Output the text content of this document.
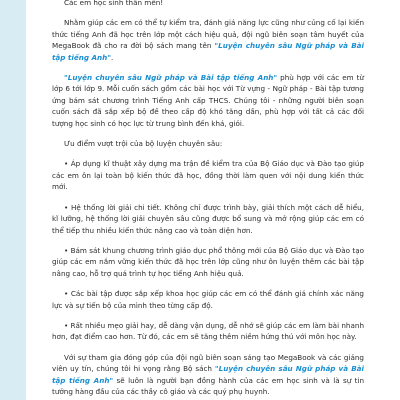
Các em học sinh thân mến!

Nhằm giúp các em có thể tự kiểm tra, đánh giá năng lực cũng như củng cố lại kiến thức tiếng Anh đã học trên lớp một cách hiệu quả, đội ngũ biên soạn tâm huyết của MegaBook đã cho ra đời bộ sách mang tên "Luyện chuyên sâu Ngữ pháp và Bài tập tiếng Anh".

"Luyện chuyên sâu Ngữ pháp và Bài tập tiếng Anh" phù hợp với các em từ lớp 6 tới lớp 9. Mỗi cuốn sách gồm các bài học với Từ vựng - Ngữ pháp - Bài tập tương ứng bám sát chương trình Tiếng Anh cấp THCS. Chúng tôi - những người biên soạn cuốn sách đã sắp xếp bộ đề theo cấp độ khó tăng dần, phù hợp với tất cả các đối tượng học sinh có học lực từ trung bình đến khá, giỏi.

Ưu điểm vượt trội của bộ luyện chuyên sâu:

• Áp dụng kĩ thuật xây dựng ma trận đề kiểm tra của Bộ Giáo dục và Đào tạo giúp các em ôn lại toàn bộ kiến thức đã học, đồng thời làm quen với nội dung kiến thức mới.

• Hệ thống lời giải chi tiết. Không chỉ được trình bày, giải thích một cách dễ hiểu, kĩ lưỡng, hệ thống lời giải chuyên sâu cũng được bổ sung và mở rộng giúp các em có thể tiếp thu nhiều kiến thức nâng cao và toàn diện hơn.

• Bám sát khung chương trình giáo dục phổ thông mới của Bộ Giáo dục và Đào tạo giúp các em nắm vững kiến thức đã học trên lớp cũng như ôn luyện thêm các bài tập nâng cao, hỗ trợ quá trình tự học tiếng Anh hiệu quả.

• Các bài tập được sắp xếp khoa học giúp các em có thể đánh giá chính xác năng lực và sự tiến bộ của mình theo từng cấp độ.

• Rất nhiều mẹo giải hay, dễ dàng vận dụng, dễ nhớ sẽ giúp các em làm bài nhanh hơn, đạt điểm cao hơn. Từ đó, các em sẽ tăng thêm niềm hứng thú với môn học này.

Với sự tham gia đóng góp của đội ngũ biên soạn sáng tạo MegaBook và các giảng viên uy tín, chúng tôi hi vọng rằng Bộ sách "Luyện chuyên sâu Ngữ pháp và Bài tập tiếng Anh" sẽ luôn là người bạn đồng hành của các em học sinh và là sự tin tưởng hàng đầu của các thầy cô giáo và các quý phụ huynh.
